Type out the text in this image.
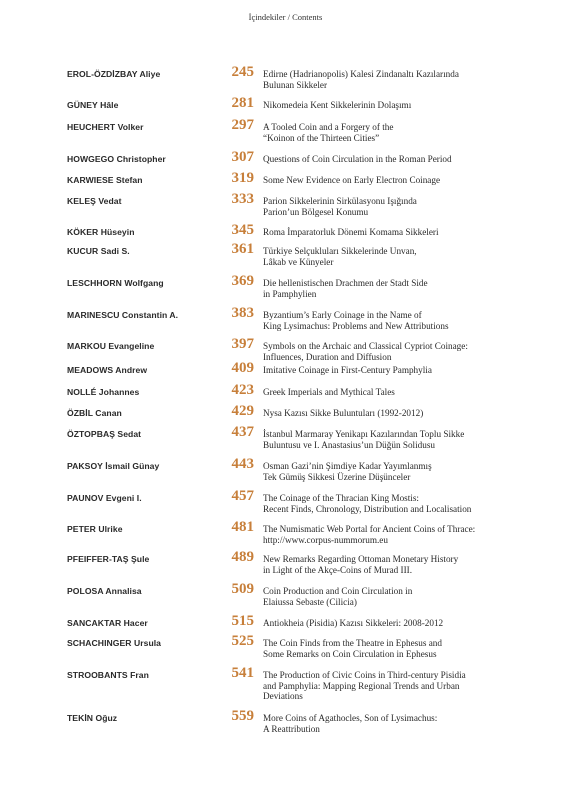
İçindekiler / Contents
EROL-ÖZDİZBAY Aliye	245 Edirne (Hadrianopolis) Kalesi Zindanaltı Kazılarında
Bulunan Sikkeler
GÜNEY Hâle	281 Nikomedeia Kent Sikkelerinin Dolaşımı
HEUCHERT Volker	297 A Tooled Coin and a Forgery of the
“Koinon of the Thirteen Cities”
HOWGEGO Christopher	307 Questions of Coin Circulation in the Roman Period
KARWIESE Stefan	319 Some New Evidence on Early Electron Coinage
KELEŞ Vedat	333 Parion Sikkelerinin Sirkülasyonu Işığında
Parion’un Bölgesel Konumu
KÖKER Hüseyin	345 Roma İmparatorluk Dönemi Komama Sikkeleri
KUCUR Sadi S.	361 Türkiye Selçukluları Sikkelerinde Unvan,
Lâkab ve Künyeler
LESCHHORN Wolfgang	369 Die hellenistischen Drachmen der Stadt Side
in Pamphylien
MARINESCU Constantin A.	383 Byzantium’s Early Coinage in the Name of
King Lysimachus: Problems and New Attributions
MARKOU Evangeline	397 Symbols on the Archaic and Classical Cypriot Coinage:
Influences, Duration and Diffusion
MEADOWS Andrew	409 Imitative Coinage in First-Century Pamphylia
NOLLÉ Johannes	423 Greek Imperials and Mythical Tales
ÖZBİL Canan	429 Nysa Kazısı Sikke Buluntuları (1992-2012)
ÖZTOPBAŞ Sedat	437 İstanbul Marmaray Yenikapı Kazılarından Toplu Sikke
Buluntusu ve I. Anastasius’un Düğün Solidusu
PAKSOY İsmail Günay	443 Osman Gazi’nin Şimdiye Kadar Yayımlanmış
Tek Gümüş Sikkesi Üzerine Düşünceler
PAUNOV Evgeni I.	457 The Coinage of the Thracian King Mostis:
Recent Finds, Chronology, Distribution and Localisation
PETER Ulrike	481 The Numismatic Web Portal for Ancient Coins of Thrace:
http://www.corpus-nummorum.eu
PFEIFFER-TAŞ Şule	489 New Remarks Regarding Ottoman Monetary History
in Light of the Akçe-Coins of Murad III.
POLOSA Annalisa	509 Coin Production and Coin Circulation in
Elaiussa Sebaste (Cilicia)
SANCAKTAR Hacer	515 Antiokheia (Pisidia) Kazısı Sikkeleri: 2008-2012
SCHACHINGER Ursula	525 The Coin Finds from the Theatre in Ephesus and
Some Remarks on Coin Circulation in Ephesus
STROOBANTS Fran	541 The Production of Civic Coins in Third-century Pisidia
and Pamphylia: Mapping Regional Trends and Urban
Deviations
TEKİN Oğuz	559 More Coins of Agathocles, Son of Lysimachus:
A Reattribution
